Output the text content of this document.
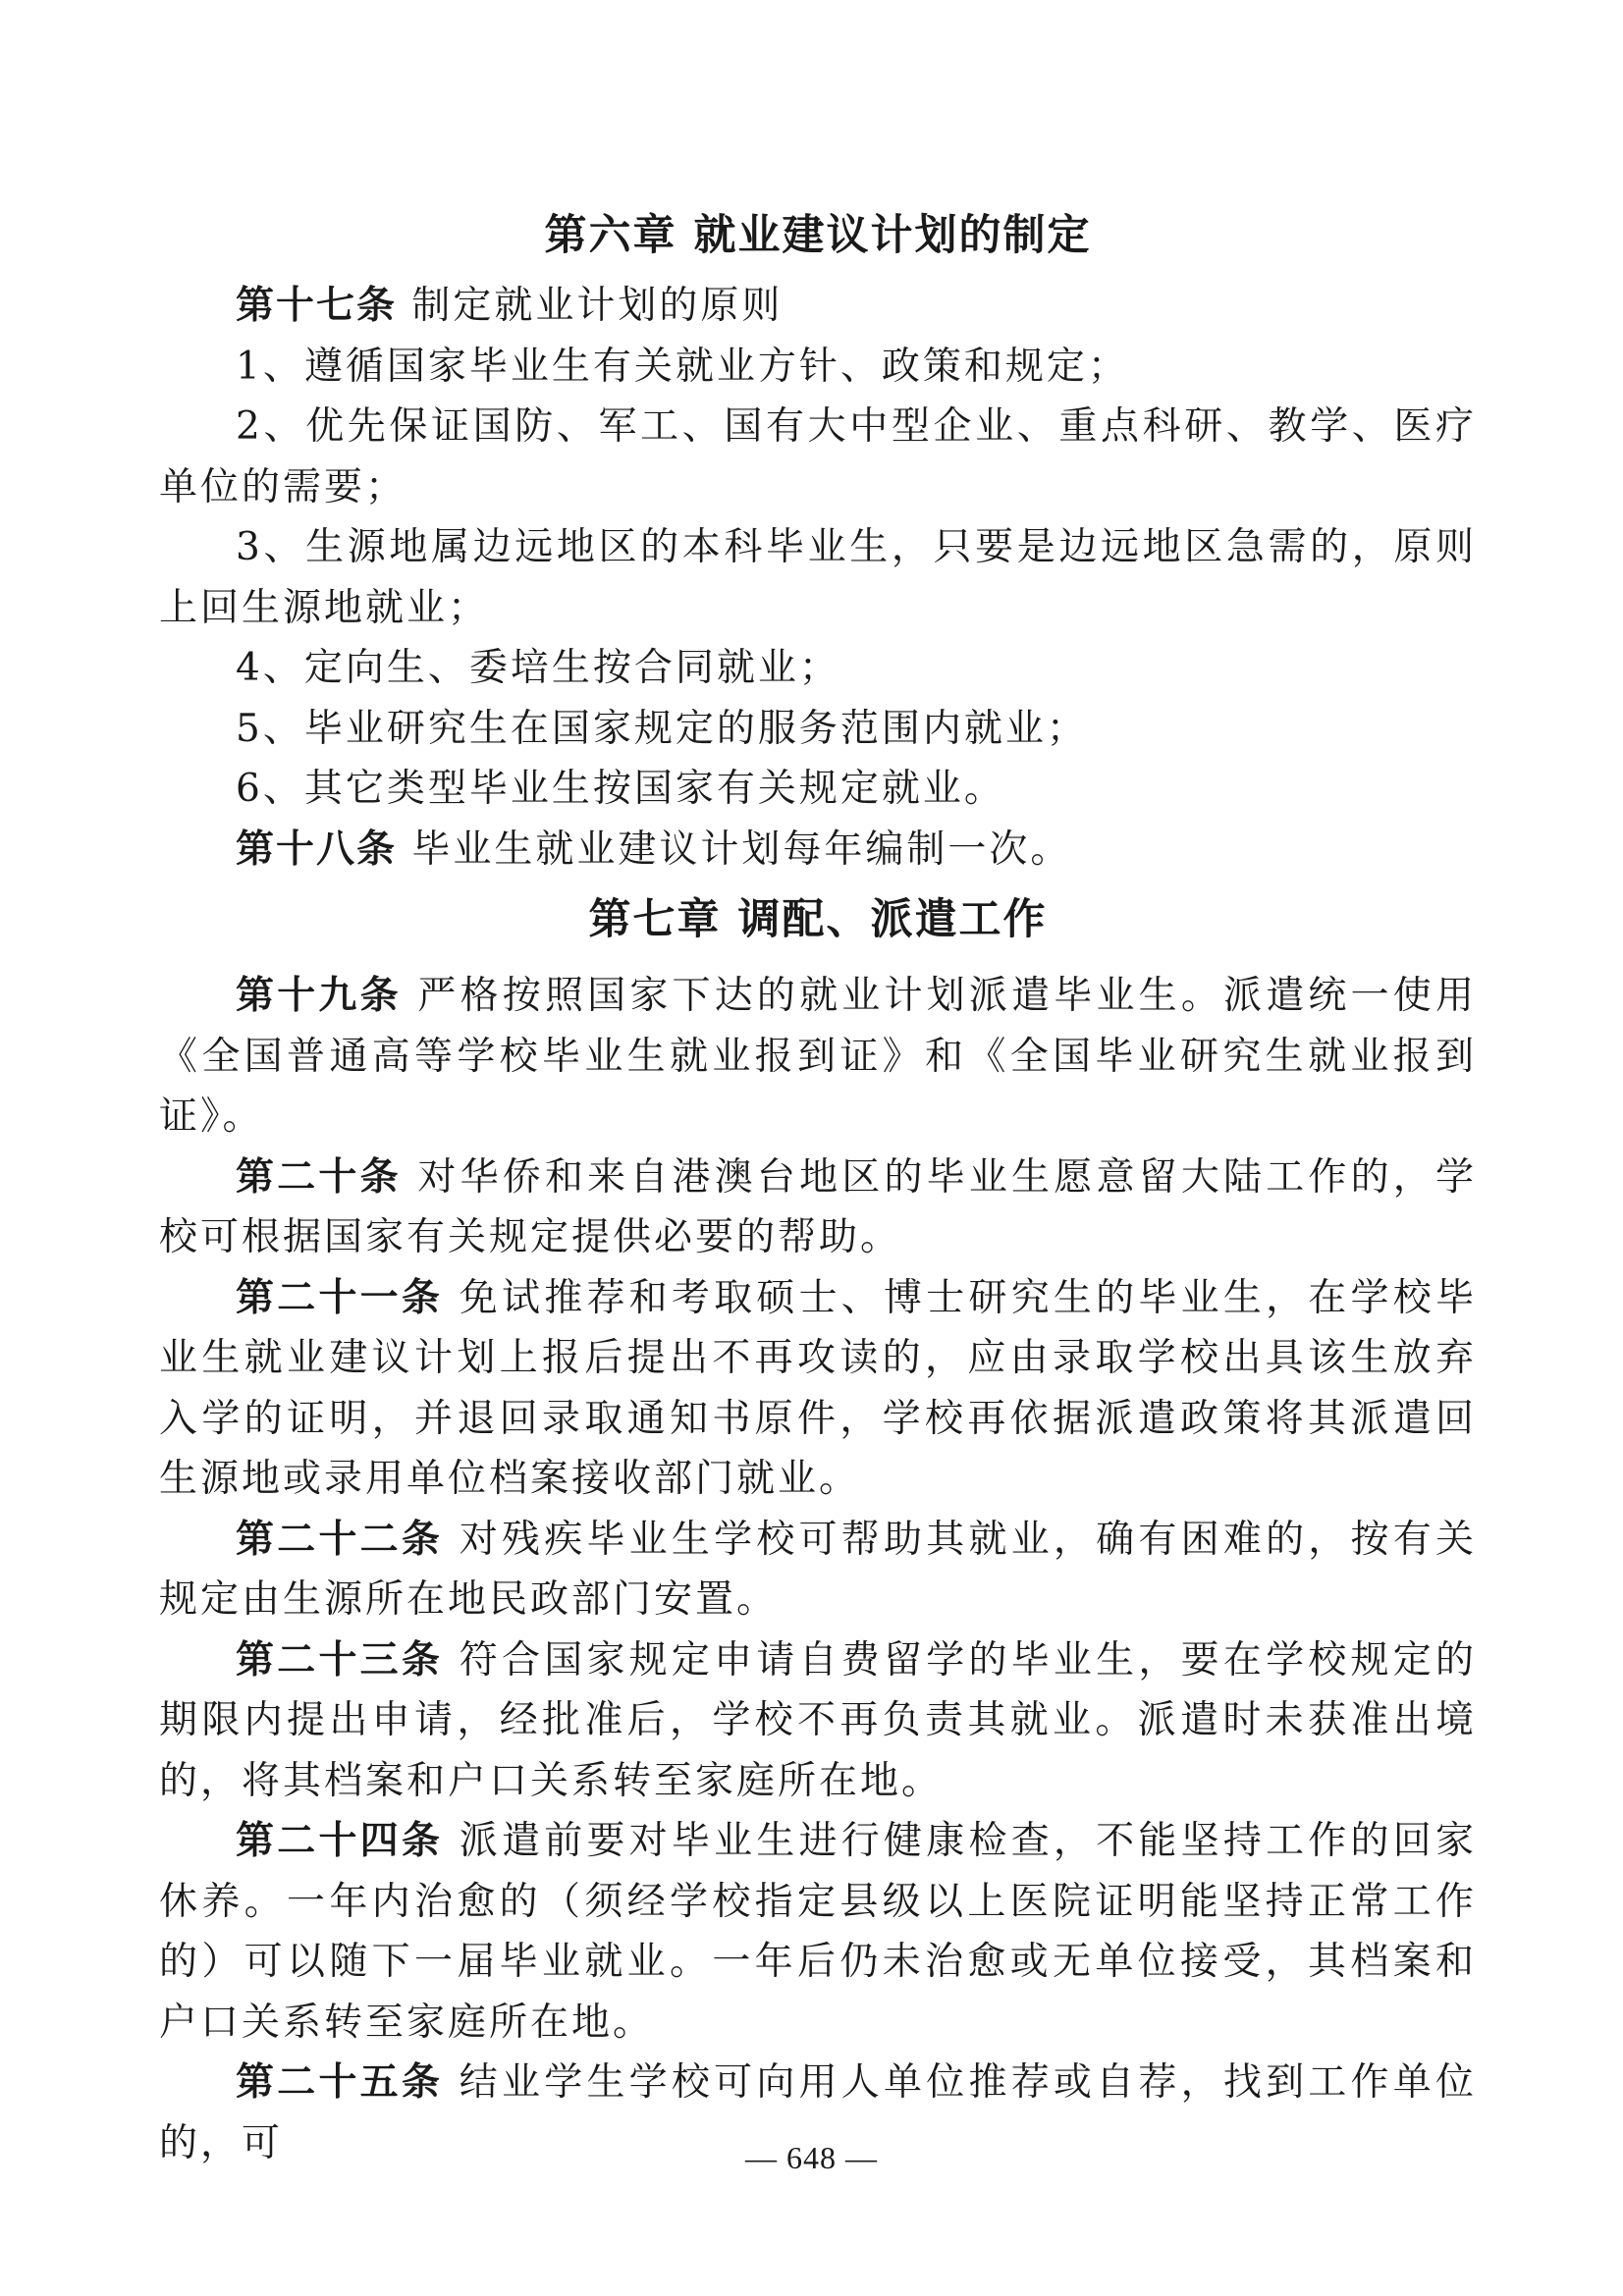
第六章 就业建议计划的制定

第十七条 制定就业计划的原则

1、遵循国家毕业生有关就业方针、政策和规定；

2、优先保证国防、军工、国有大中型企业、重点科研、教学、医疗单位的需要；

3、生源地属边远地区的本科毕业生，只要是边远地区急需的，原则上回生源地就业；

4、定向生、委培生按合同就业；

5、毕业研究生在国家规定的服务范围内就业；

6、其它类型毕业生按国家有关规定就业。

第十八条 毕业生就业建议计划每年编制一次。

第七章 调配、派遣工作

第十九条 严格按照国家下达的就业计划派遣毕业生。派遣统一使用《全国普通高等学校毕业生就业报到证》和《全国毕业研究生就业报到证》。

第二十条 对华侨和来自港澳台地区的毕业生愿意留大陆工作的，学校可根据国家有关规定提供必要的帮助。

第二十一条 免试推荐和考取硕士、博士研究生的毕业生，在学校毕业生就业建议计划上报后提出不再攻读的，应由录取学校出具该生放弃入学的证明，并退回录取通知书原件，学校再依据派遣政策将其派遣回生源地或录用单位档案接收部门就业。

第二十二条 对残疾毕业生学校可帮助其就业，确有困难的，按有关规定由生源所在地民政部门安置。

第二十三条 符合国家规定申请自费留学的毕业生，要在学校规定的期限内提出申请，经批准后，学校不再负责其就业。派遣时未获准出境的，将其档案和户口关系转至家庭所在地。

第二十四条 派遣前要对毕业生进行健康检查，不能坚持工作的回家休养。一年内治愈的（须经学校指定县级以上医院证明能坚持正常工作的）可以随下一届毕业就业。一年后仍未治愈或无单位接受，其档案和户口关系转至家庭所在地。

第二十五条 结业学生学校可向用人单位推荐或自荐，找到工作单位的，可	— 648 —
